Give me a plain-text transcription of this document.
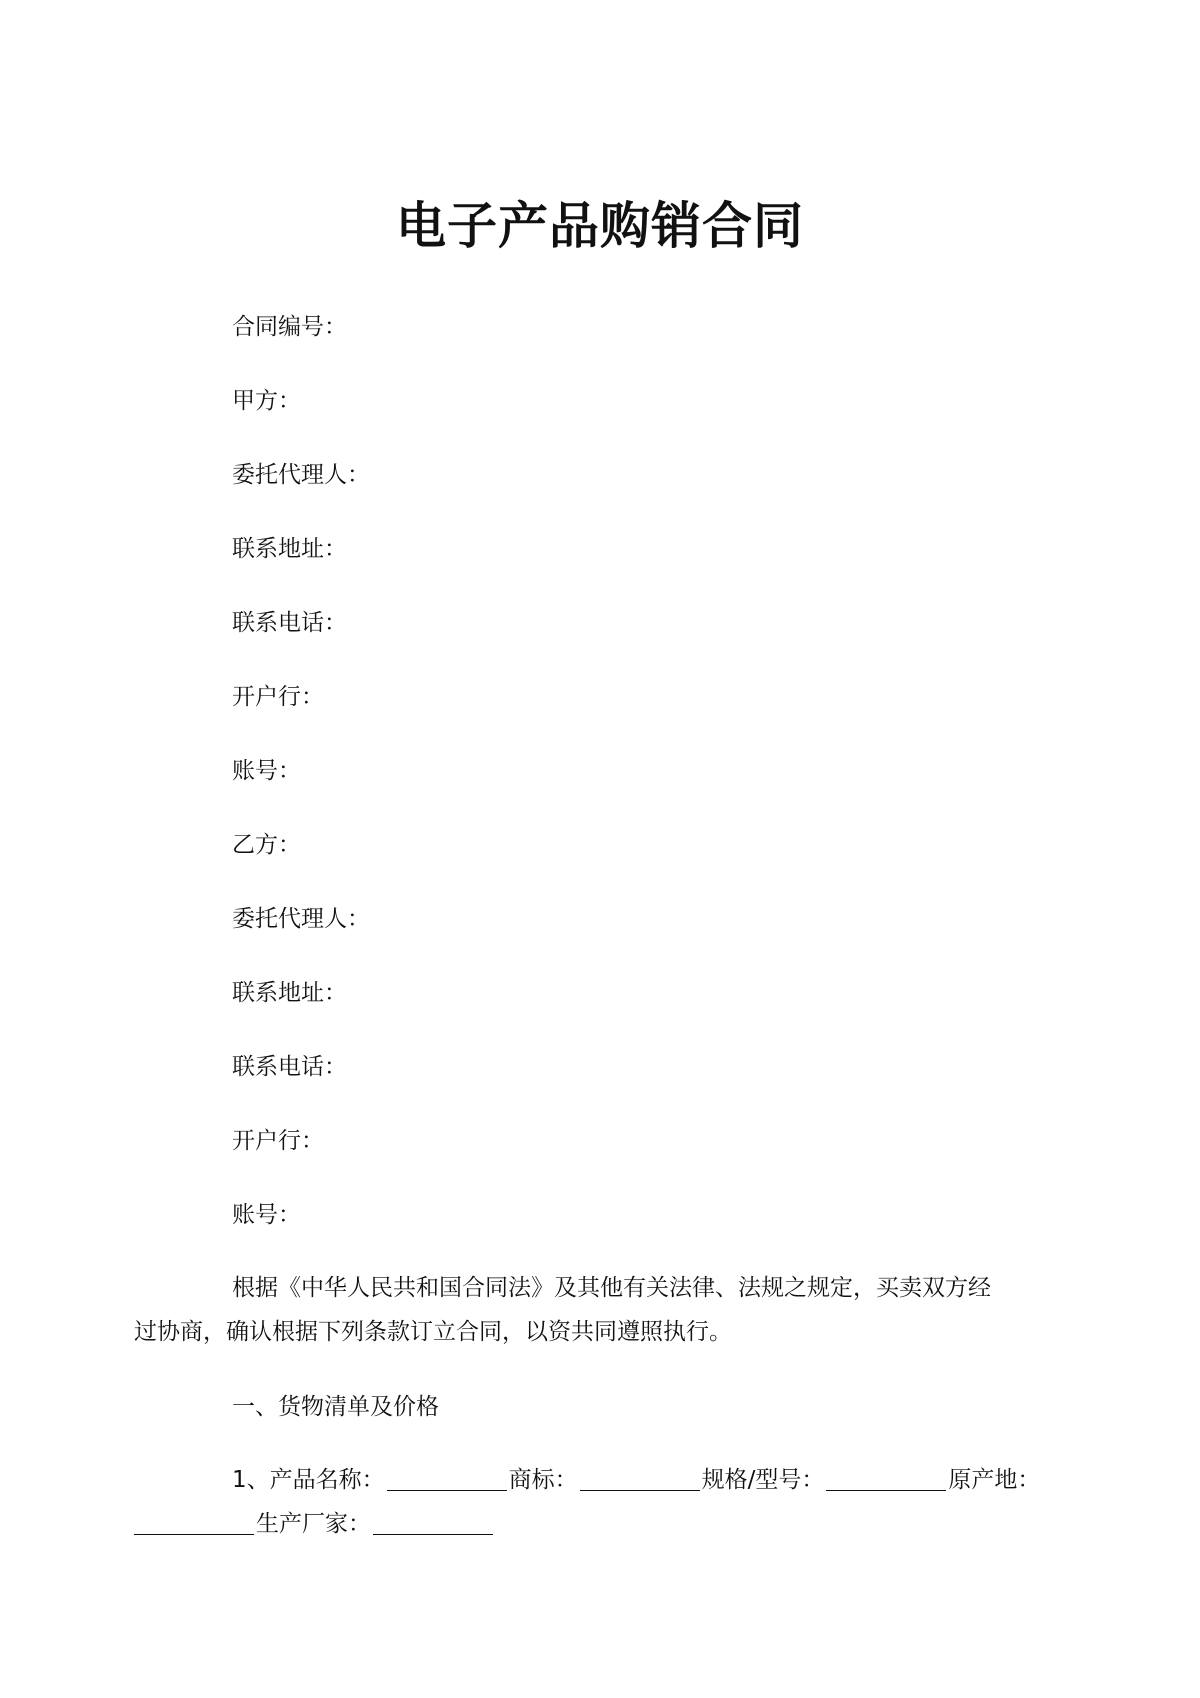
电子产品购销合同
合同编号：
甲方：
委托代理人：
联系地址：
联系电话：
开户行：
账号：
乙方：
委托代理人：
联系地址：
联系电话：
开户行：
账号：
根据《中华人民共和国合同法》及其他有关法律、法规之规定，买卖双方经
过协商，确认根据下列条款订立合同，以资共同遵照执行。
一、货物清单及价格
1、产品名称：	商标：	规格/型号：	原产地：
生产厂家：
